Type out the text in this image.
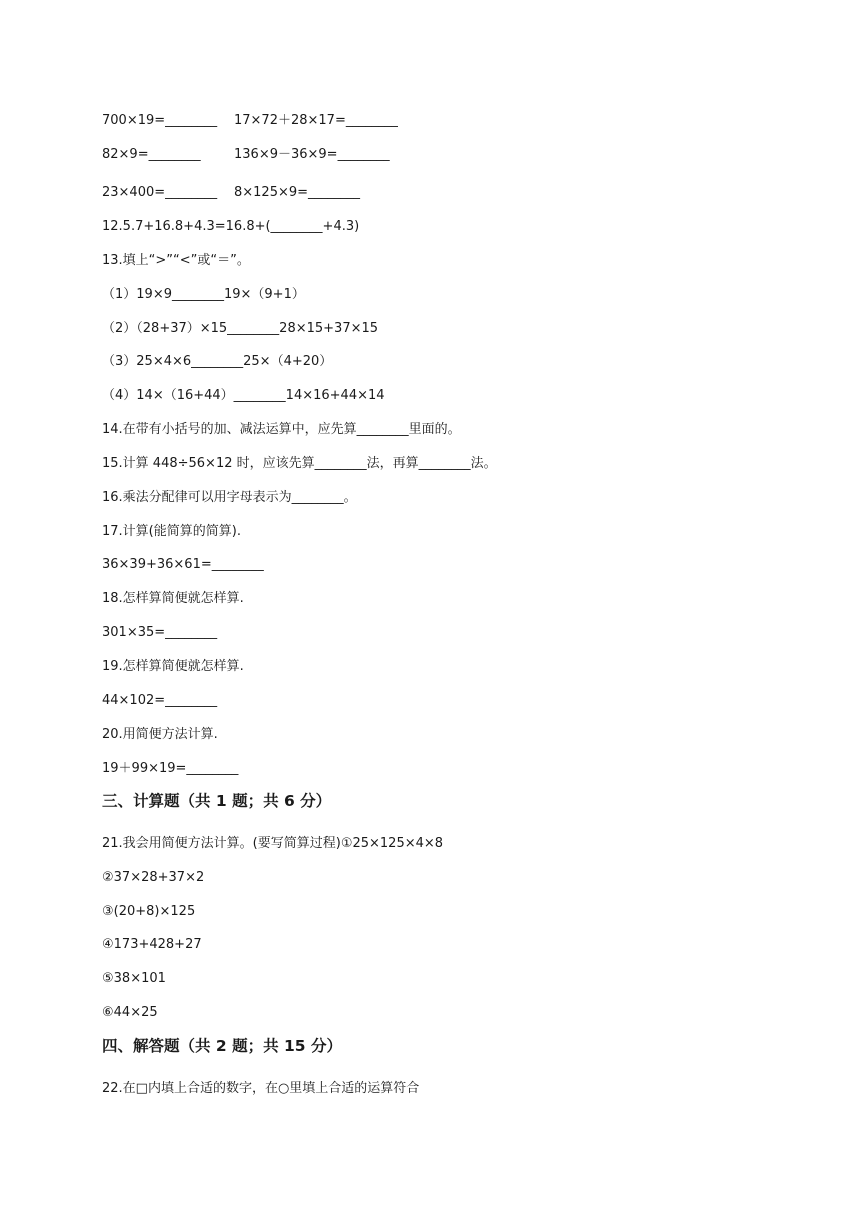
700×19=________ 17×72＋28×17=________
82×9=________	136×9－36×9=________
23×400=________ 8×125×9=________
12.5.7+16.8+4.3=16.8+(________+4.3)
13.填上“>”“<”或“＝”。
（1）19×9________19×（9+1）
（2）（28+37）×15________28×15+37×15
（3）25×4×6________25×（4+20）
（4）14×（16+44）________14×16+44×14
14.在带有小括号的加、减法运算中，应先算________里面的。
15.计算 448÷56×12 时，应该先算________法，再算________法。
16.乘法分配律可以用字母表示为________。
17.计算(能简算的简算).
36×39+36×61=________
18.怎样算简便就怎样算.
301×35=________
19.怎样算简便就怎样算.
44×102=________
20.用简便方法计算.
19＋99×19=________
三、计算题（共 1 题；共 6 分）
21.我会用简便方法计算。(要写简算过程)①25×125×4×8
②37×28+37×2
③(20+8)×125
④173+428+27
⑤38×101
⑥44×25
四、解答题（共 2 题；共 15 分）
22.在□内填上合适的数字，在○里填上合适的运算符合
